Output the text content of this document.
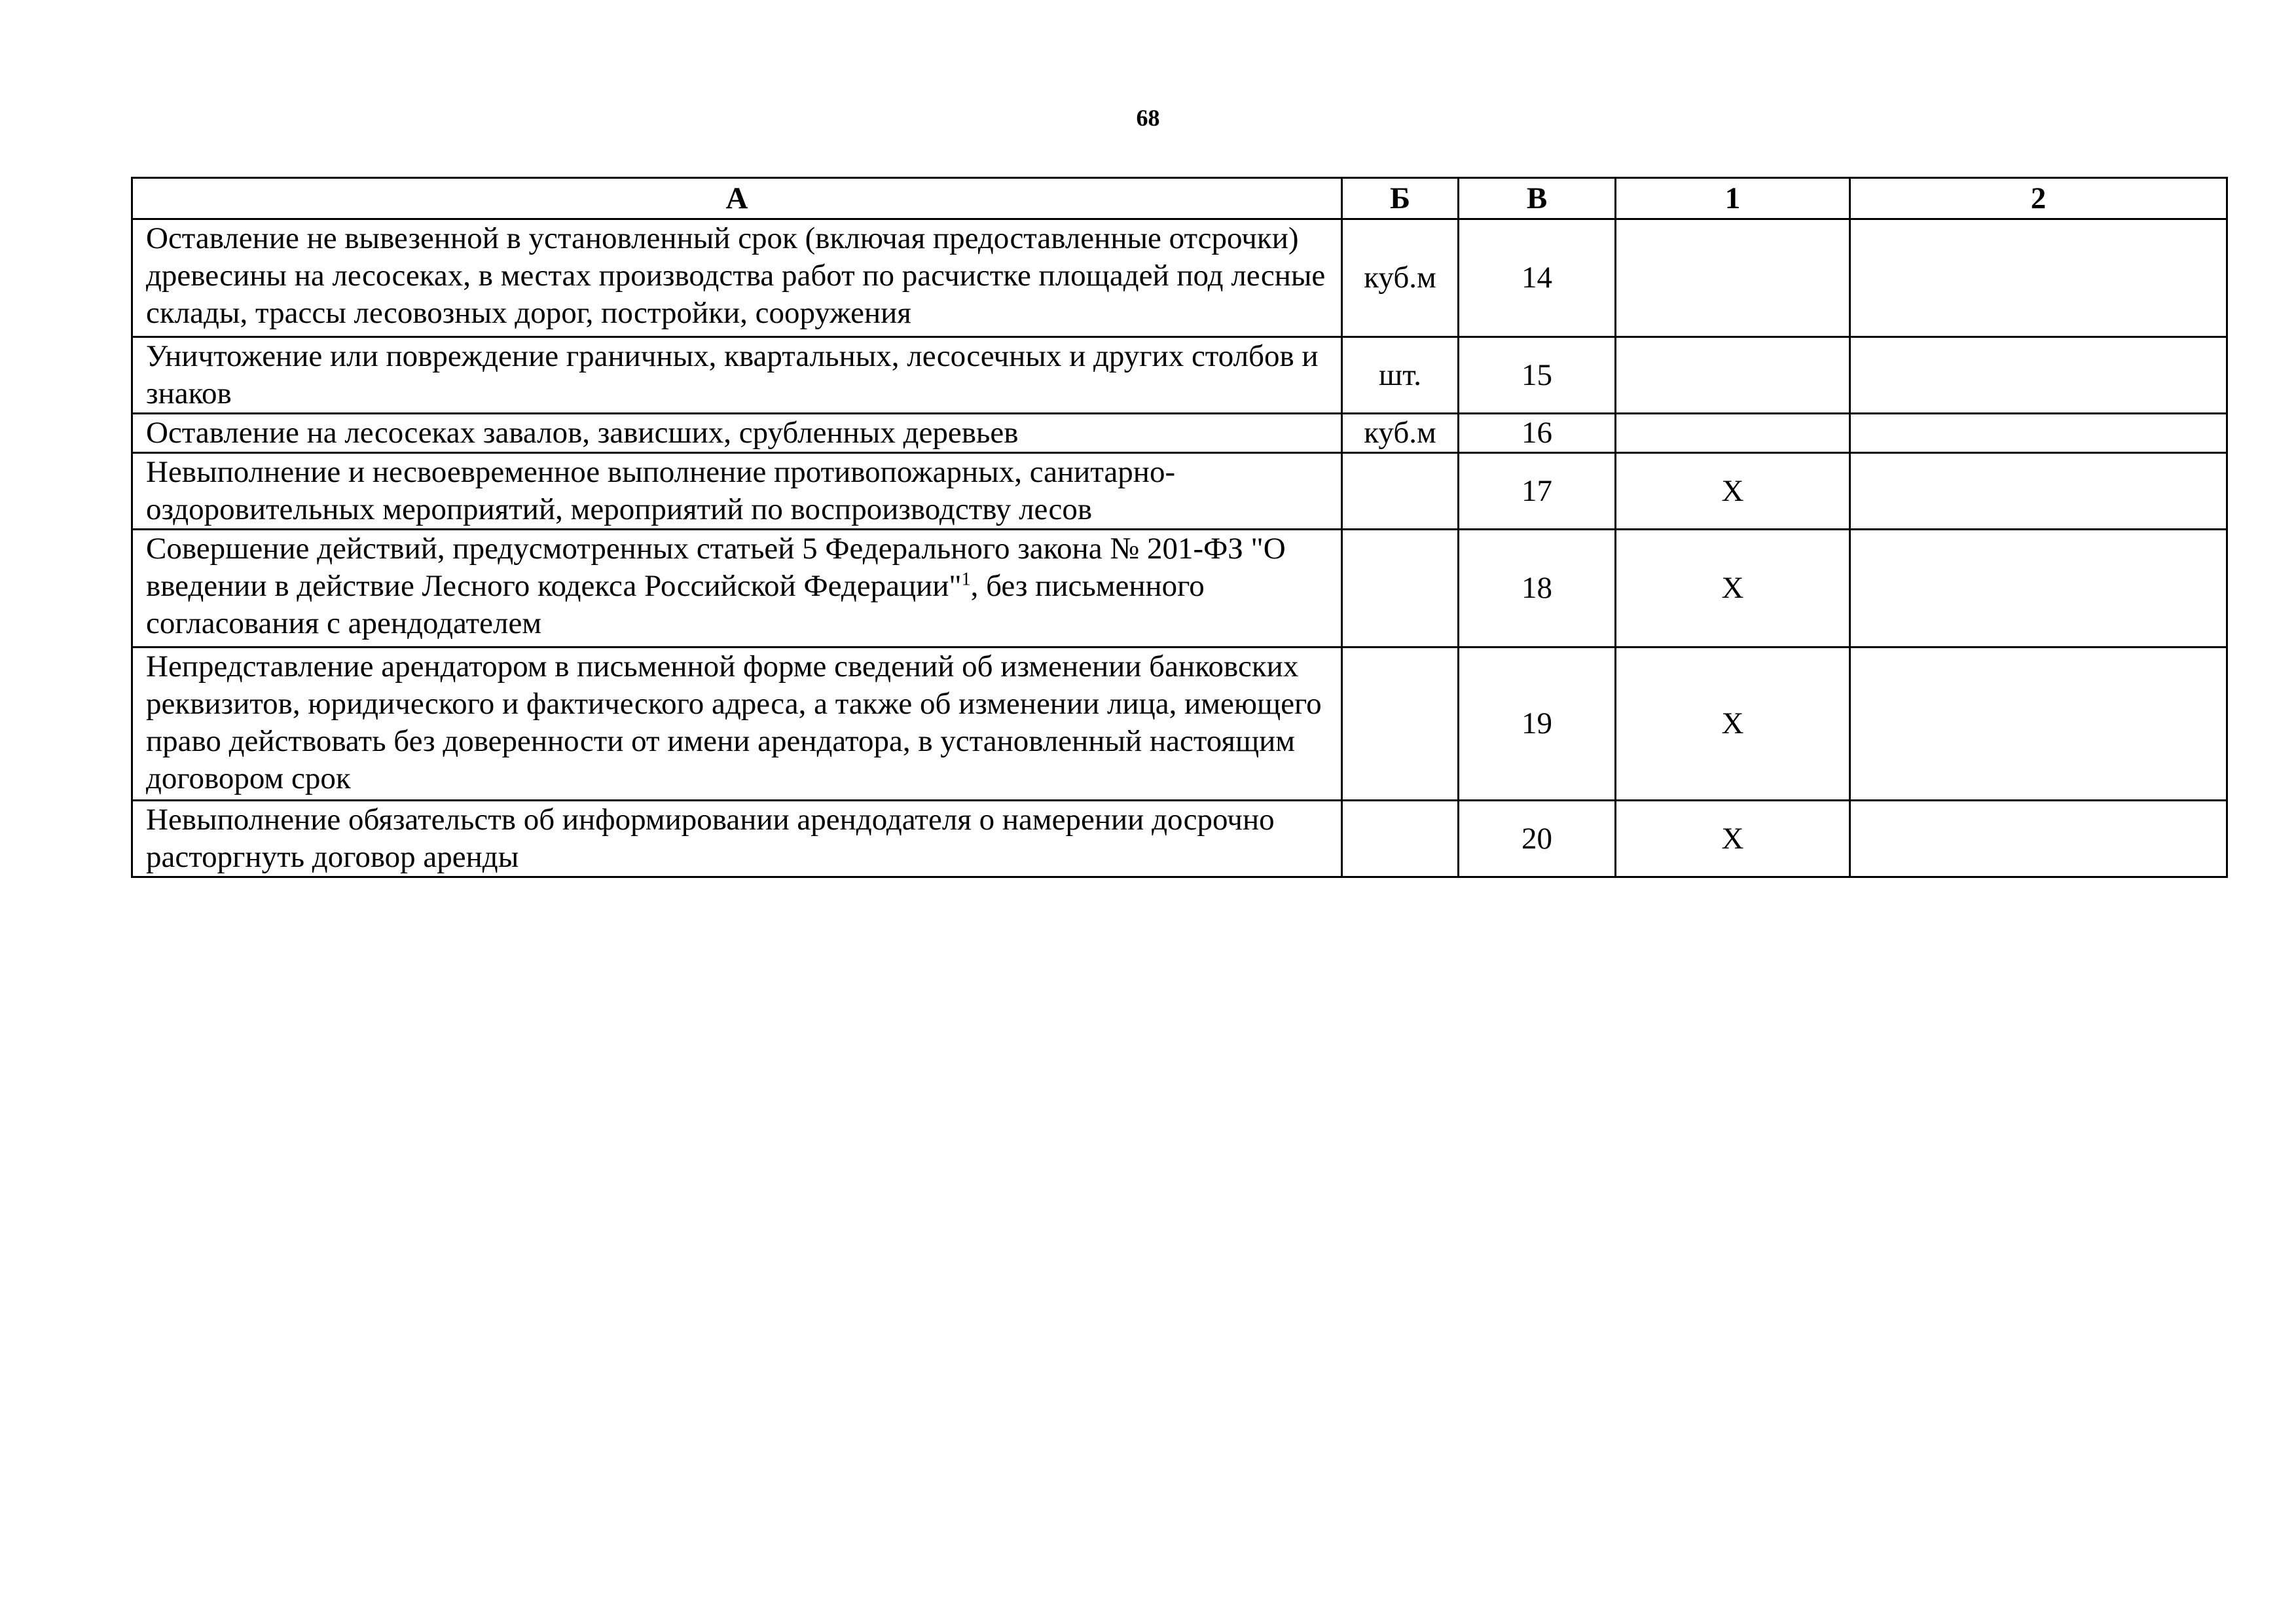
68
А	Б	В	1	2
Оставление не вывезенной в установленный срок (включая предоставленные отсрочки) древесины на лесосеках, в местах производства работ по расчистке площадей под лесные склады, трассы лесовозных дорог, постройки, сооружения	куб.м	14		
Уничтожение или повреждение граничных, квартальных, лесосечных и других столбов и знаков	шт.	15		
Оставление на лесосеках завалов, зависших, срубленных деревьев	куб.м	16		
Невыполнение и несвоевременное выполнение противопожарных, санитарно-оздоровительных мероприятий, мероприятий по воспроизводству лесов		17	Х	
Совершение действий, предусмотренных статьей 5 Федерального закона № 201-ФЗ "О введении в действие Лесного кодекса Российской Федерации"$^1$, без письменного согласования с арендодателем		18	Х	
Непредставление арендатором в письменной форме сведений об изменении банковских реквизитов, юридического и фактического адреса, а также об изменении лица, имеющего право действовать без доверенности от имени арендатора, в установленный настоящим договором срок		19	Х	
Невыполнение обязательств об информировании арендодателя о намерении досрочно расторгнуть договор аренды		20	Х	
